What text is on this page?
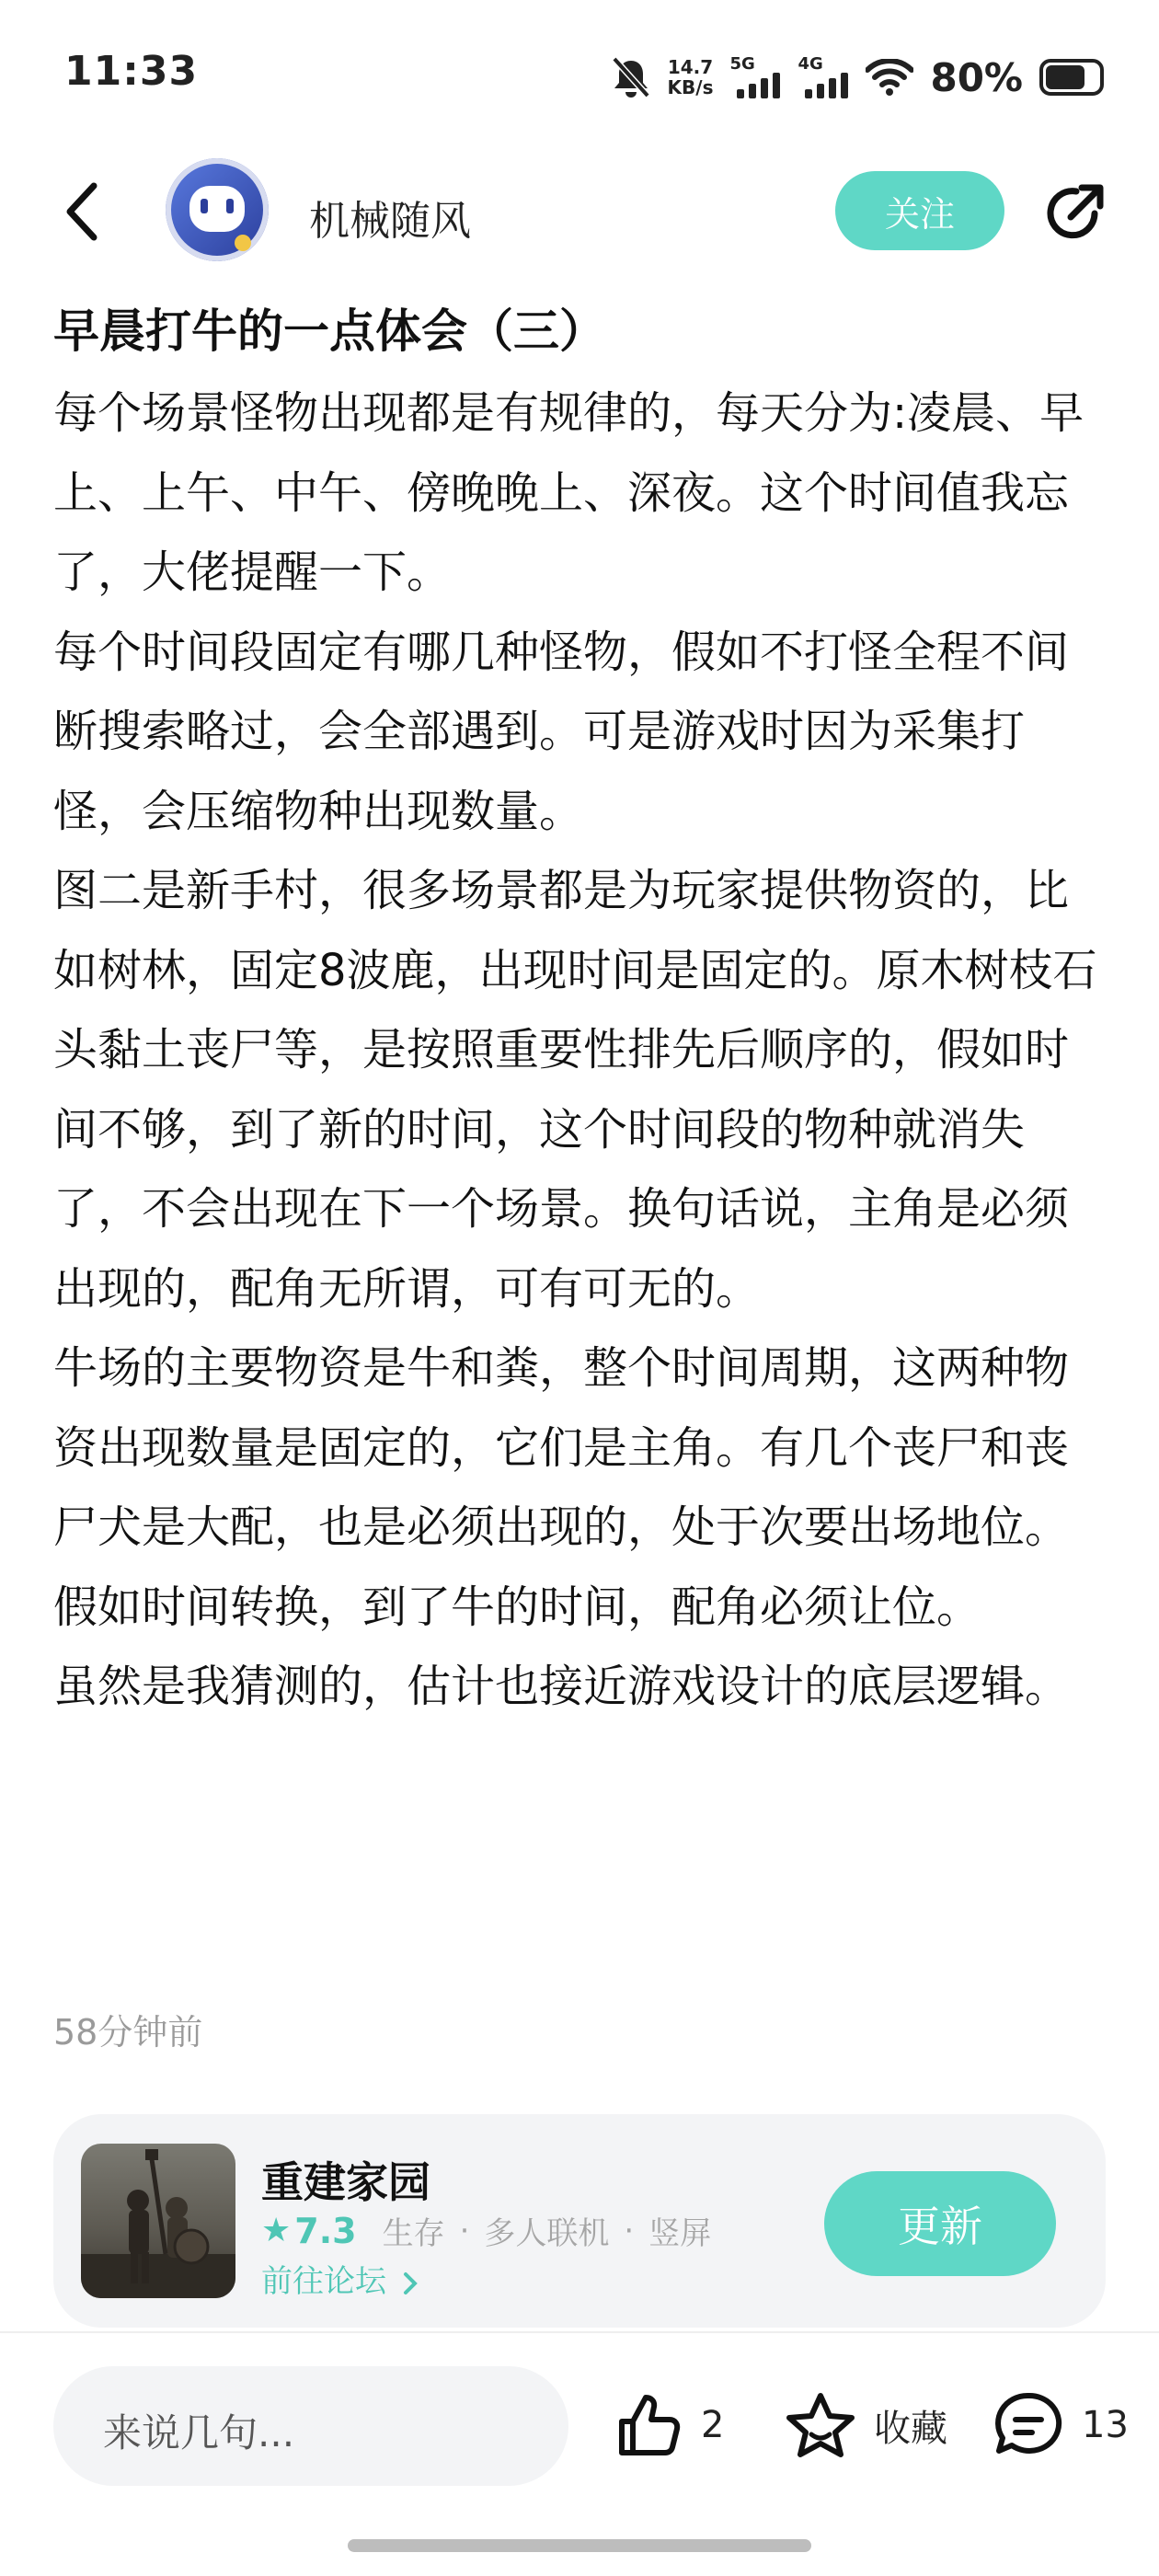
11:33	14.7
KB/s
5G	4G	80%
机械随风	关注
早晨打牛的一点体会（三）

每个场景怪物出现都是有规律的，每天分为:凌晨、早上、上午、中午、傍晚晚上、深夜。这个时间值我忘了，大佬提醒一下。

每个时间段固定有哪几种怪物，假如不打怪全程不间断搜索略过，会全部遇到。可是游戏时因为采集打怪，会压缩物种出现数量。

图二是新手村，很多场景都是为玩家提供物资的，比如树林，固定8波鹿，出现时间是固定的。原木树枝石头黏土丧尸等，是按照重要性排先后顺序的，假如时间不够，到了新的时间，这个时间段的物种就消失了，不会出现在下一个场景。换句话说，主角是必须出现的，配角无所谓，可有可无的。

牛场的主要物资是牛和粪，整个时间周期，这两种物资出现数量是固定的，它们是主角。有几个丧尸和丧尸犬是大配，也是必须出现的，处于次要出场地位。假如时间转换，到了牛的时间，配角必须让位。

虽然是我猜测的，估计也接近游戏设计的底层逻辑。

58分钟前
重建家园
★ 7.3 生存 · 多人联机 · 竖屏
前往论坛
更新
来说几句...	2	收藏	13
